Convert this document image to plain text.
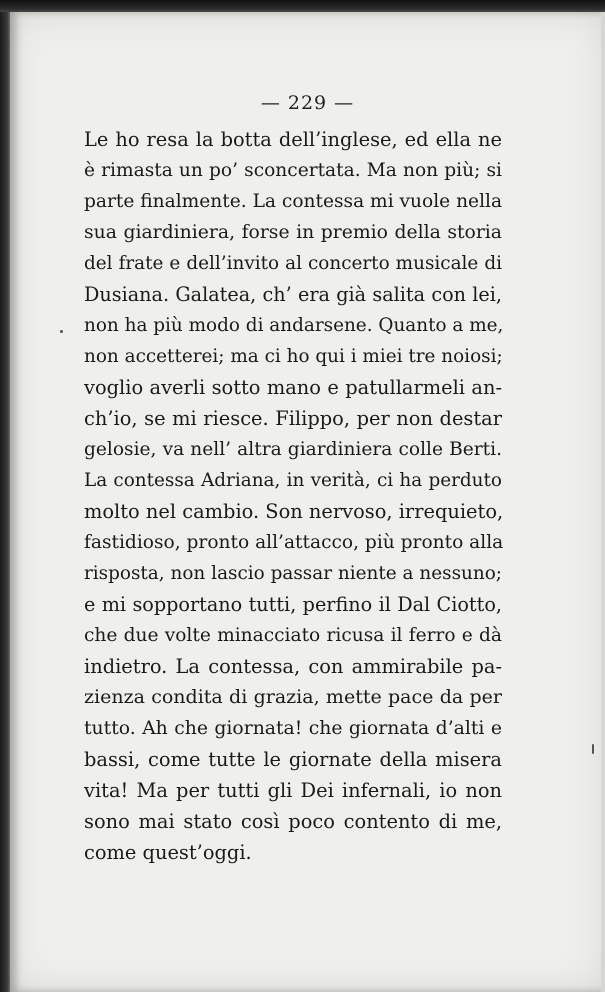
— 229 —
Le ho resa la botta dell’inglese, ed ella ne
è rimasta un po’ sconcertata. Ma non più; si
parte finalmente. La contessa mi vuole nella
sua giardiniera, forse in premio della storia
del frate e dell’invito al concerto musicale di
Dusiana. Galatea, ch’ era già salita con lei,
non ha più modo di andarsene. Quanto a me,
non accetterei; ma ci ho qui i miei tre noiosi;
voglio averli sotto mano e patullarmeli an-
ch’io, se mi riesce. Filippo, per non destar
gelosie, va nell’ altra giardiniera colle Berti.
La contessa Adriana, in verità, ci ha perduto
molto nel cambio. Son nervoso, irrequieto,
fastidioso, pronto all’attacco, più pronto alla
risposta, non lascio passar niente a nessuno;
e mi sopportano tutti, perfino il Dal Ciotto,
che due volte minacciato ricusa il ferro e dà
indietro. La contessa, con ammirabile pa-
zienza condita di grazia, mette pace da per
tutto. Ah che giornata! che giornata d’alti e
bassi, come tutte le giornate della misera
vita! Ma per tutti gli Dei infernali, io non
sono mai stato così poco contento di me,
come quest’oggi.
